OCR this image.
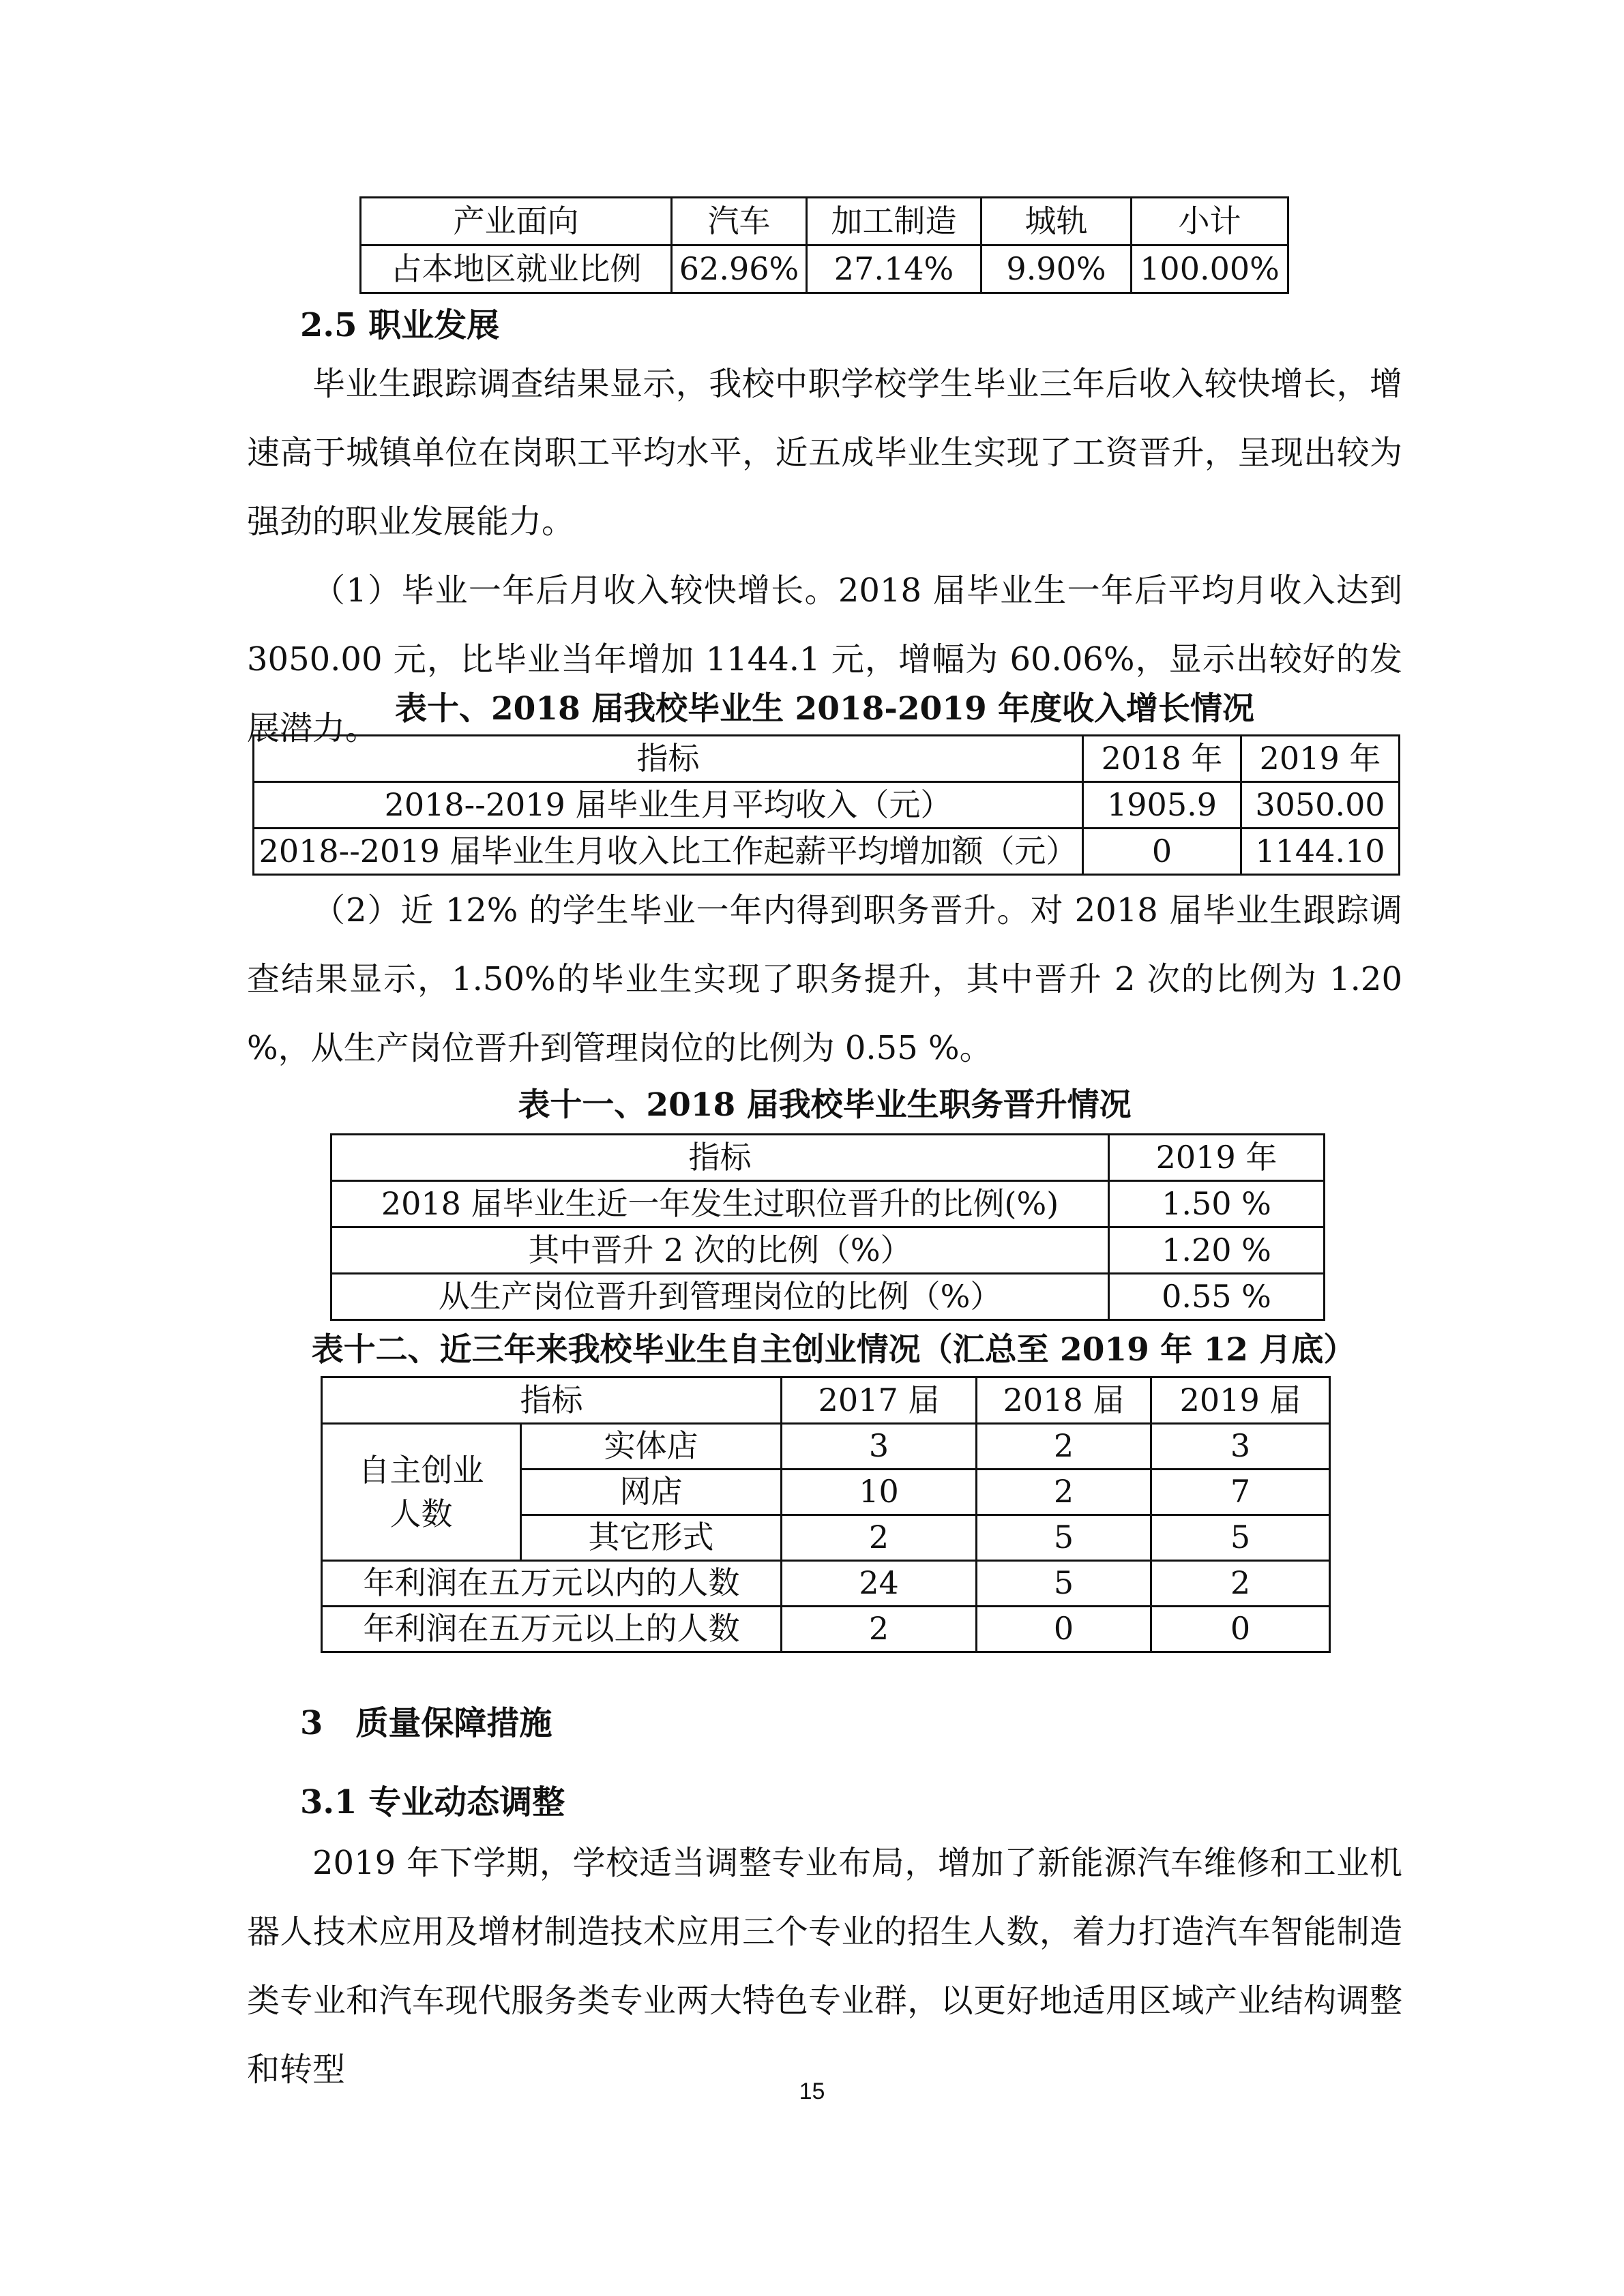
产业面向	汽车	加工制造	城轨	小计
占本地区就业比例	62.96%	27.14%	9.90%	100.00%
2.5 职业发展

毕业生跟踪调查结果显示，我校中职学校学生毕业三年后收入较快增长，增速高于城镇单位在岗职工平均水平，近五成毕业生实现了工资晋升，呈现出较为强劲的职业发展能力。

（1）毕业一年后月收入较快增长。2018 届毕业生一年后平均月收入达到 3050.00 元，比毕业当年增加 1144.1 元，增幅为 60.06%，显示出较好的发展潜力。

表十、2018 届我校毕业生 2018-2019 年度收入增长情况
指标	2018 年	2019 年
2018--2019 届毕业生月平均收入（元）	1905.9	3050.00
2018--2019 届毕业生月收入比工作起薪平均增加额（元）	0	1144.10

（2）近 12% 的学生毕业一年内得到职务晋升。对 2018 届毕业生跟踪调查结果显示，1.50%的毕业生实现了职务提升，其中晋升 2 次的比例为 1.20 %，从生产岗位晋升到管理岗位的比例为 0.55 %。

表十一、2018 届我校毕业生职务晋升情况
指标	2019 年
2018 届毕业生近一年发生过职位晋升的比例(%)	1.50 %
其中晋升 2 次的比例（%）	1.20 %
从生产岗位晋升到管理岗位的比例（%）	0.55 %
表十二、近三年来我校毕业生自主创业情况（汇总至 2019 年 12 月底）
指标		2017 届	2018 届	2019 届
自主创业人数	实体店	3	2	3
	网店	10	2	7
	其它形式	2	5	5
年利润在五万元以内的人数		24	5	2
年利润在五万元以上的人数		2	0	0
3　质量保障措施
3.1 专业动态调整

2019 年下学期，学校适当调整专业布局，增加了新能源汽车维修和工业机器人技术应用及增材制造技术应用三个专业的招生人数，着力打造汽车智能制造类专业和汽车现代服务类专业两大特色专业群，以更好地适用区域产业结构调整和转型

15
